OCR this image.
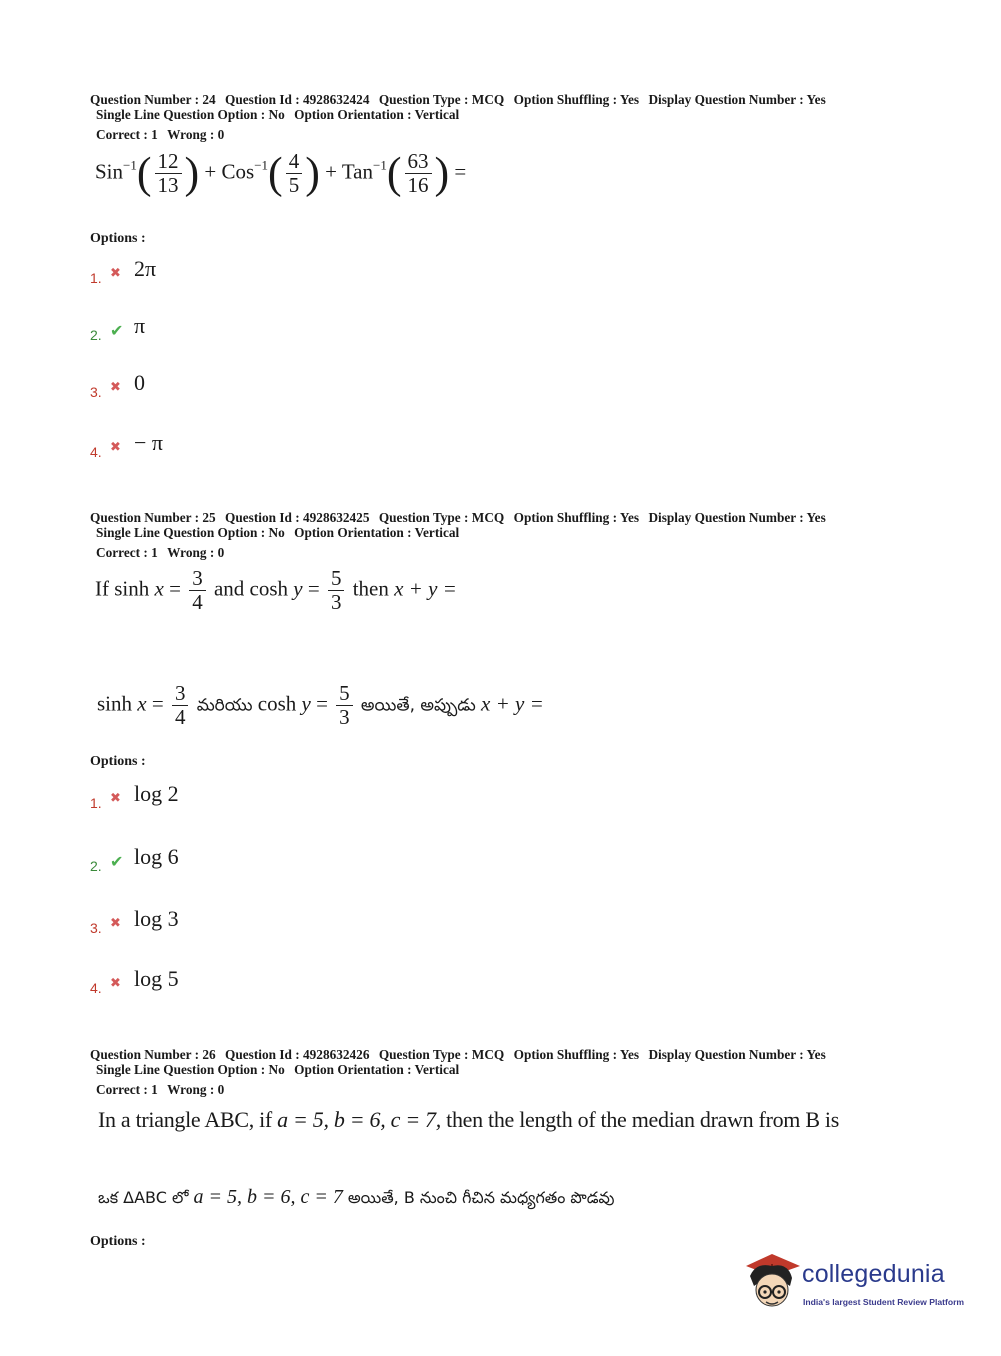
Question Number : 24 Question Id : 4928632424 Question Type : MCQ Option Shuffling : Yes Display Question Number : Yes
Single Line Question Option : No Option Orientation : Vertical
Correct : 1 Wrong : 0
$Sin^{-1}( \frac{12}{13}$ ) + $Cos^{-1}( \frac{4}{5}$ ) + $Tan^{-1}( \frac{63}{16}$ ) =
Options :
1. ✖ 2π
2. ✔ π
3. ✖ 0
4. ✖ − π
Question Number : 25 Question Id : 4928632425 Question Type : MCQ Option Shuffling : Yes Display Question Number : Yes
Single Line Question Option : No Option Orientation : Vertical
Correct : 1 Wrong : 0
If $\sinh x = \frac{3}{4}$ and $\cosh y = \frac{5}{3}$ then x + y =
$\sinh x = \frac{3}{4}$ మరియు $\cosh y = \frac{5}{3}$ అయితే, అప్పుడు x + y =
Options :
1. ✖ log 2
2. ✔ log 6
3. ✖ log 3
4. ✖ log 5
Question Number : 26 Question Id : 4928632426 Question Type : MCQ Option Shuffling : Yes Display Question Number : Yes
Single Line Question Option : No Option Orientation : Vertical
Correct : 1 Wrong : 0
In a triangle ABC, if a = 5, b = 6, c = 7, then the length of the median drawn from B is
ఒక ΔABC లో a = 5, b = 6, c = 7 అయితే, B నుంచి గీచిన మధ్యగతం పొడవు
Options :
collegedunia
India's largest Student Review Platform
